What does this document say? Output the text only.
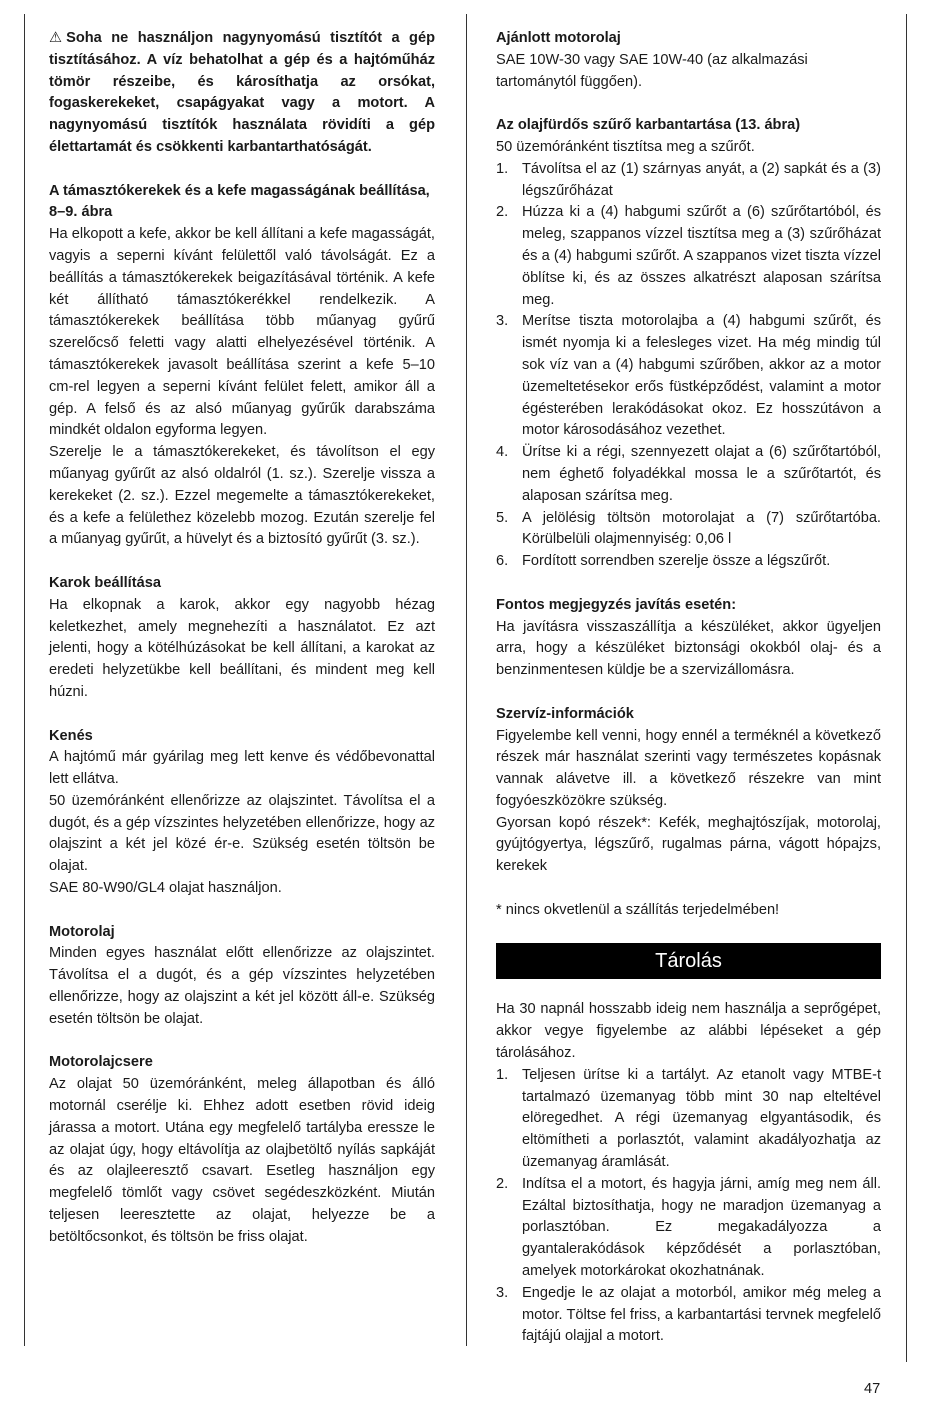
⚠ Soha ne használjon nagynyomású tisztítót a gép tisztításához. A víz behatolhat a gép és a hajtóműház tömör részeibe, és károsíthatja az orsókat, fogaskerekeket, csapágyakat vagy a motort. A nagynyomású tisztítók használata rövidíti a gép élettartamát és csökkenti karbantarthatóságát.

A támasztókerekek és a kefe magasságának beállítása, 8–9. ábra

Ha elkopott a kefe, akkor be kell állítani a kefe magasságát, vagyis a seperni kívánt felülettől való távolságát. Ez a beállítás a támasztókerekek beigazításával történik. A kefe két állítható támasztókerékkel rendelkezik. A támasztókerekek beállítása több műanyag gyűrű szerelőcső feletti vagy alatti elhelyezésével történik. A támasztókerekek javasolt beállítása szerint a kefe 5–10 cm-rel legyen a seperni kívánt felület felett, amikor áll a gép. A felső és az alsó műanyag gyűrűk darabszáma mindkét oldalon egyforma legyen.

Szerelje le a támasztókerekeket, és távolítson el egy műanyag gyűrűt az alsó oldalról (1. sz.). Szerelje vissza a kerekeket (2. sz.). Ezzel megemelte a támasztókerekeket, és a kefe a felülethez közelebb mozog. Ezután szerelje fel a műanyag gyűrűt, a hüvelyt és a biztosító gyűrűt (3. sz.).

Karok beállítása

Ha elkopnak a karok, akkor egy nagyobb hézag keletkezhet, amely megnehezíti a használatot. Ez azt jelenti, hogy a kötélhúzásokat be kell állítani, a karokat az eredeti helyzetükbe kell beállítani, és mindent meg kell húzni.

Kenés

A hajtómű már gyárilag meg lett kenve és védőbevonattal lett ellátva.

50 üzemóránként ellenőrizze az olajszintet. Távolítsa el a dugót, és a gép vízszintes helyzetében ellenőrizze, hogy az olajszint a két jel közé ér-e. Szükség esetén töltsön be olajat.

SAE 80-W90/GL4 olajat használjon.

Motorolaj

Minden egyes használat előtt ellenőrizze az olajszintet. Távolítsa el a dugót, és a gép vízszintes helyzetében ellenőrizze, hogy az olajszint a két jel között áll-e. Szükség esetén töltsön be olajat.

Motorolajcsere

Az olajat 50 üzemóránként, meleg állapotban és álló motornál cserélje ki. Ehhez adott esetben rövid ideig járassa a motort. Utána egy megfelelő tartályba eressze le az olajat úgy, hogy eltávolítja az olajbetöltő nyílás sapkáját és az olajleeresztő csavart. Esetleg használjon egy megfelelő tömlőt vagy csövet segédeszközként. Miután teljesen leeresztette az olajat, helyezze be a betöltőcsonkot, és töltsön be friss olajat.

Ajánlott motorolaj

SAE 10W-30 vagy SAE 10W-40 (az alkalmazási tartománytól függően).

Az olajfürdős szűrő karbantartása (13. ábra)

50 üzemóránként tisztítsa meg a szűrőt.

1. Távolítsa el az (1) szárnyas anyát, a (2) sapkát és a (3) légszűrőházat
2. Húzza ki a (4) habgumi szűrőt a (6) szűrőtartóból, és meleg, szappanos vízzel tisztítsa meg a (3) szűrőházat és a (4) habgumi szűrőt. A szappanos vizet tiszta vízzel öblítse ki, és az összes alkatrészt alaposan szárítsa meg.
3. Merítse tiszta motorolajba a (4) habgumi szűrőt, és ismét nyomja ki a felesleges vizet. Ha még mindig túl sok víz van a (4) habgumi szűrőben, akkor az a motor üzemeltetésekor erős füstképződést, valamint a motor égésterében lerakódásokat okoz. Ez hosszútávon a motor károsodásához vezethet.
4. Ürítse ki a régi, szennyezett olajat a (6) szűrőtartóból, nem éghető folyadékkal mossa le a szűrőtartót, és alaposan szárítsa meg.
5. A jelölésig töltsön motorolajat a (7) szűrőtartóba. Körülbelüli olajmennyiség: 0,06 l
6. Fordított sorrendben szerelje össze a légszűrőt.

Fontos megjegyzés javítás esetén:

Ha javításra visszaszállítja a készüléket, akkor ügyeljen arra, hogy a készüléket biztonsági okokból olaj- és a benzinmentesen küldje be a szervizállomásra.

Szervíz-információk

Figyelembe kell venni, hogy ennél a terméknél a következő részek már használat szerinti vagy természetes kopásnak vannak alávetve ill. a következő részekre van mint fogyóeszközökre szükség.

Gyorsan kopó részek*: Kefék, meghajtószíjak, motorolaj, gyújtógyertya, légszűrő, rugalmas párna, vágott hópajzs, kerekek

* nincs okvetlenül a szállítás terjedelmében!

Tárolás

Ha 30 napnál hosszabb ideig nem használja a seprőgépet, akkor vegye figyelembe az alábbi lépéseket a gép tárolásához.

1. Teljesen ürítse ki a tartályt. Az etanolt vagy MTBE-t tartalmazó üzemanyag több mint 30 nap elteltével elöregedhet. A régi üzemanyag elgyantásodik, és eltömítheti a porlasztót, valamint akadályozhatja az üzemanyag áramlását.
2. Indítsa el a motort, és hagyja járni, amíg meg nem áll. Ezáltal biztosíthatja, hogy ne maradjon üzemanyag a porlasztóban. Ez megakadályozza a gyantalerakódások képződését a porlasztóban, amelyek motorkárokat okozhatnának.
3. Engedje le az olajat a motorból, amikor még meleg a motor. Töltse fel friss, a karbantartási tervnek megfelelő fajtájú olajjal a motort.
47
